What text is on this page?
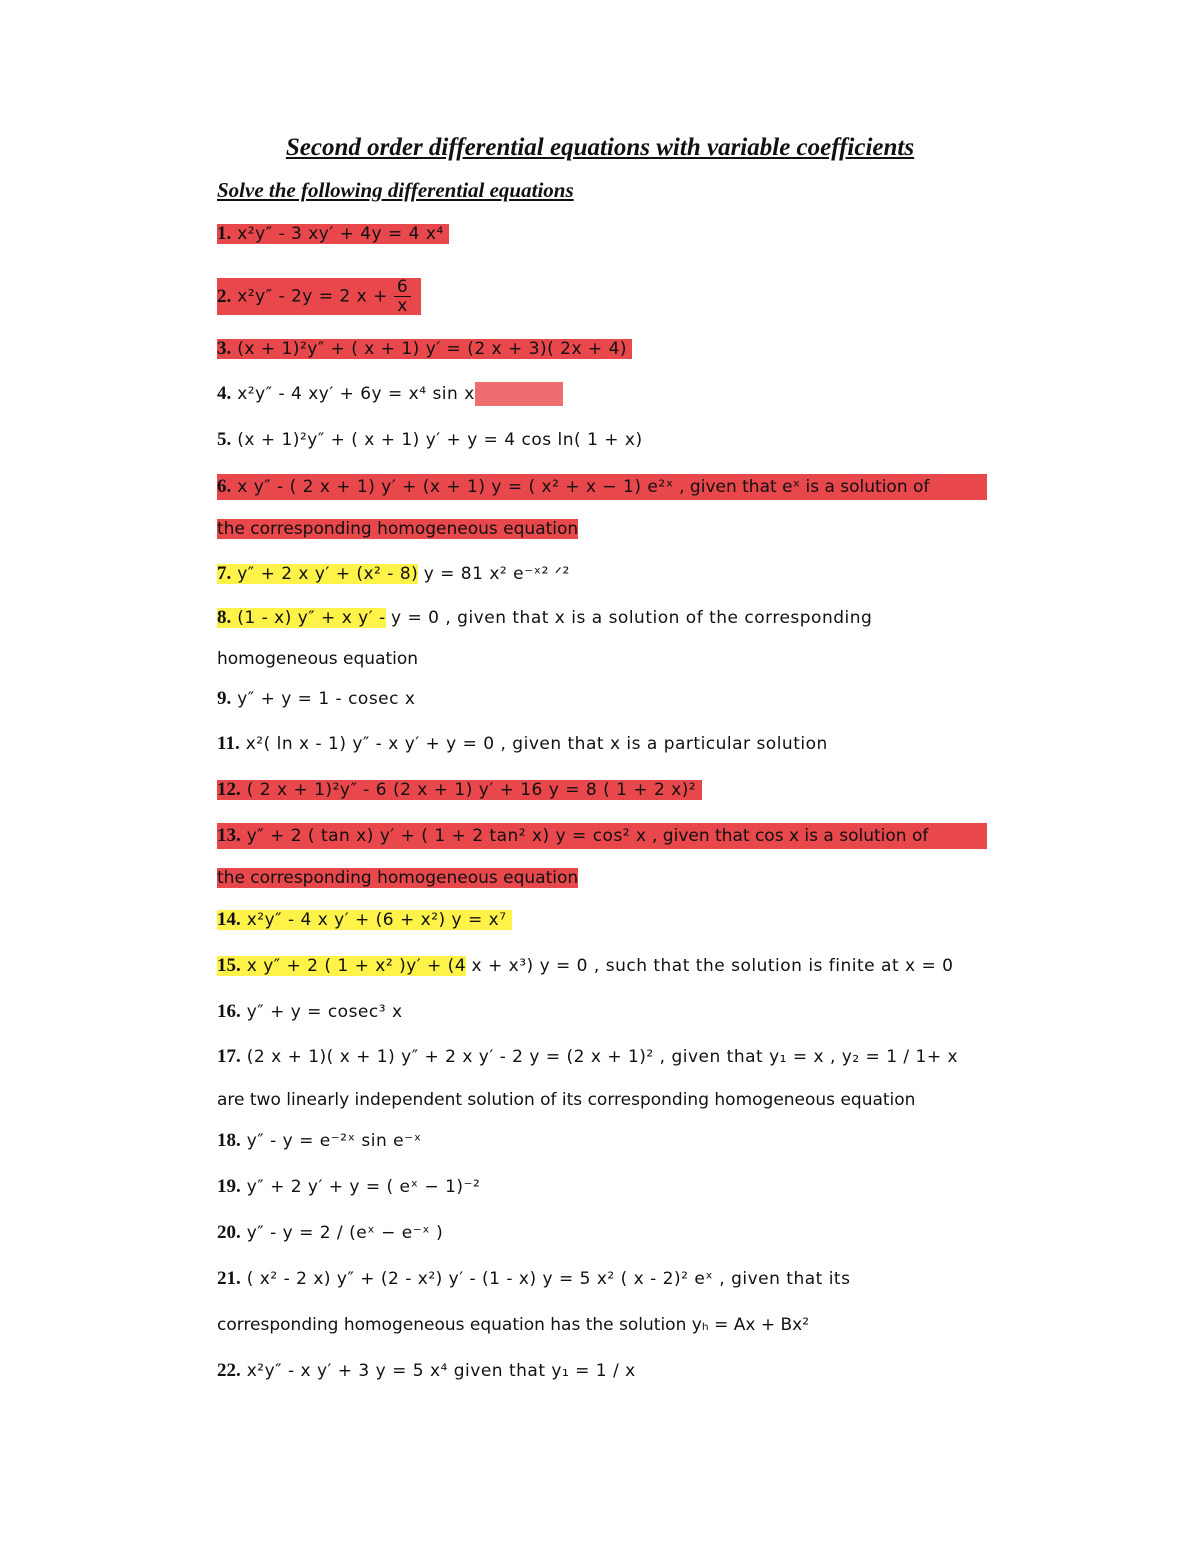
Second order differential equations with variable coefficients
Solve the following differential equations
1. x²y″ - 3 xy′ + 4y = 4 x⁴
2. x²y″ - 2y = 2 $x + \frac{6}{x}$
3. (x + 1)²y″ + ( x + 1) y′ = (2 x + 3)( 2x + 4)
4. x²y″ - 4 xy′ + 6y = x⁴ sin x
5. (x + 1)²y″ + ( x + 1) y′ + y = 4 cos ln( 1 + x)
6. x y″ - ( 2 x + 1) y′ + (x + 1) y = ( x² + x − 1) e²ˣ , given that eˣ is a solution of
the corresponding homogeneous equation
7. y″ + 2 x y′ + (x² - 8) y = 81 x² e⁻ˣ² ᐟ²
8. (1 - x) y″ + x y′ - y = 0 , given that x is a solution of the corresponding
homogeneous equation
9. y″ + y = 1 - cosec x
11. x²( ln x - 1) y″ - x y′ + y = 0 , given that x is a particular solution
12. ( 2 x + 1)²y″ - 6 (2 x + 1) y′ + 16 y = 8 ( 1 + 2 x)²
13. y″ + 2 ( tan x) y′ + ( 1 + 2 tan² x) y = cos² x , given that cos x is a solution of
the corresponding homogeneous equation
14. x²y″ - 4 x y′ + (6 + x²) y = x⁷
15. x y″ + 2 ( 1 + x² )y′ + (4 x + x³) y = 0 , such that the solution is finite at x = 0
16. y″ + y = cosec³ x
17. (2 x + 1)( x + 1) y″ + 2 x y′ - 2 y = (2 x + 1)² , given that y₁ = x , y₂ = 1 / 1+ x
are two linearly independent solution of its corresponding homogeneous equation
18. y″ - y = e⁻²ˣ sin e⁻ˣ
19. y″ + 2 y′ + y = ( eˣ − 1)⁻²
20. y″ - y = 2 / (eˣ − e⁻ˣ )
21. ( x² - 2 x) y″ + (2 - x²) y′ - (1 - x) y = 5 x² ( x - 2)² eˣ , given that its
corresponding homogeneous equation has the solution yₕ = Ax + Bx²
22. x²y″ - x y′ + 3 y = 5 x⁴ given that y₁ = 1 / x
